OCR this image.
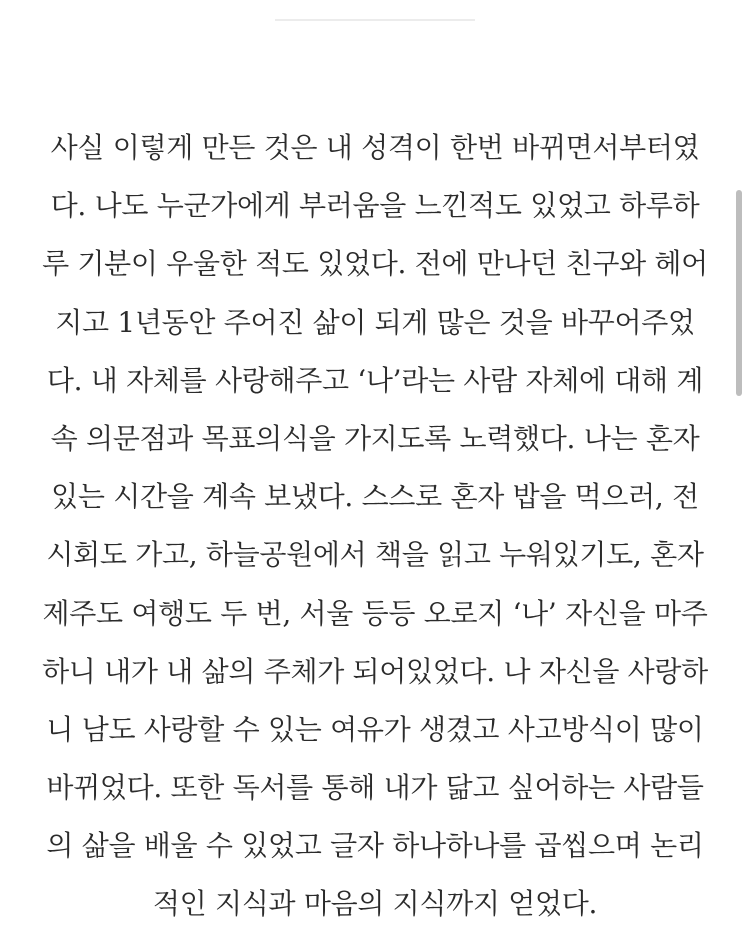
사실 이렇게 만든 것은 내 성격이 한번 바뀌면서부터였
다. 나도 누군가에게 부러움을 느낀적도 있었고 하루하
루 기분이 우울한 적도 있었다. 전에 만나던 친구와 헤어
지고 1년동안 주어진 삶이 되게 많은 것을 바꾸어주었
다. 내 자체를 사랑해주고 ‘나’라는 사람 자체에 대해 계
속 의문점과 목표의식을 가지도록 노력했다. 나는 혼자
있는 시간을 계속 보냈다. 스스로 혼자 밥을 먹으러, 전
시회도 가고, 하늘공원에서 책을 읽고 누워있기도, 혼자
제주도 여행도 두 번, 서울 등등 오로지 ‘나’ 자신을 마주
하니 내가 내 삶의 주체가 되어있었다. 나 자신을 사랑하
니 남도 사랑할 수 있는 여유가 생겼고 사고방식이 많이
바뀌었다. 또한 독서를 통해 내가 닮고 싶어하는 사람들
의 삶을 배울 수 있었고 글자 하나하나를 곱씹으며 논리
적인 지식과 마음의 지식까지 얻었다.
